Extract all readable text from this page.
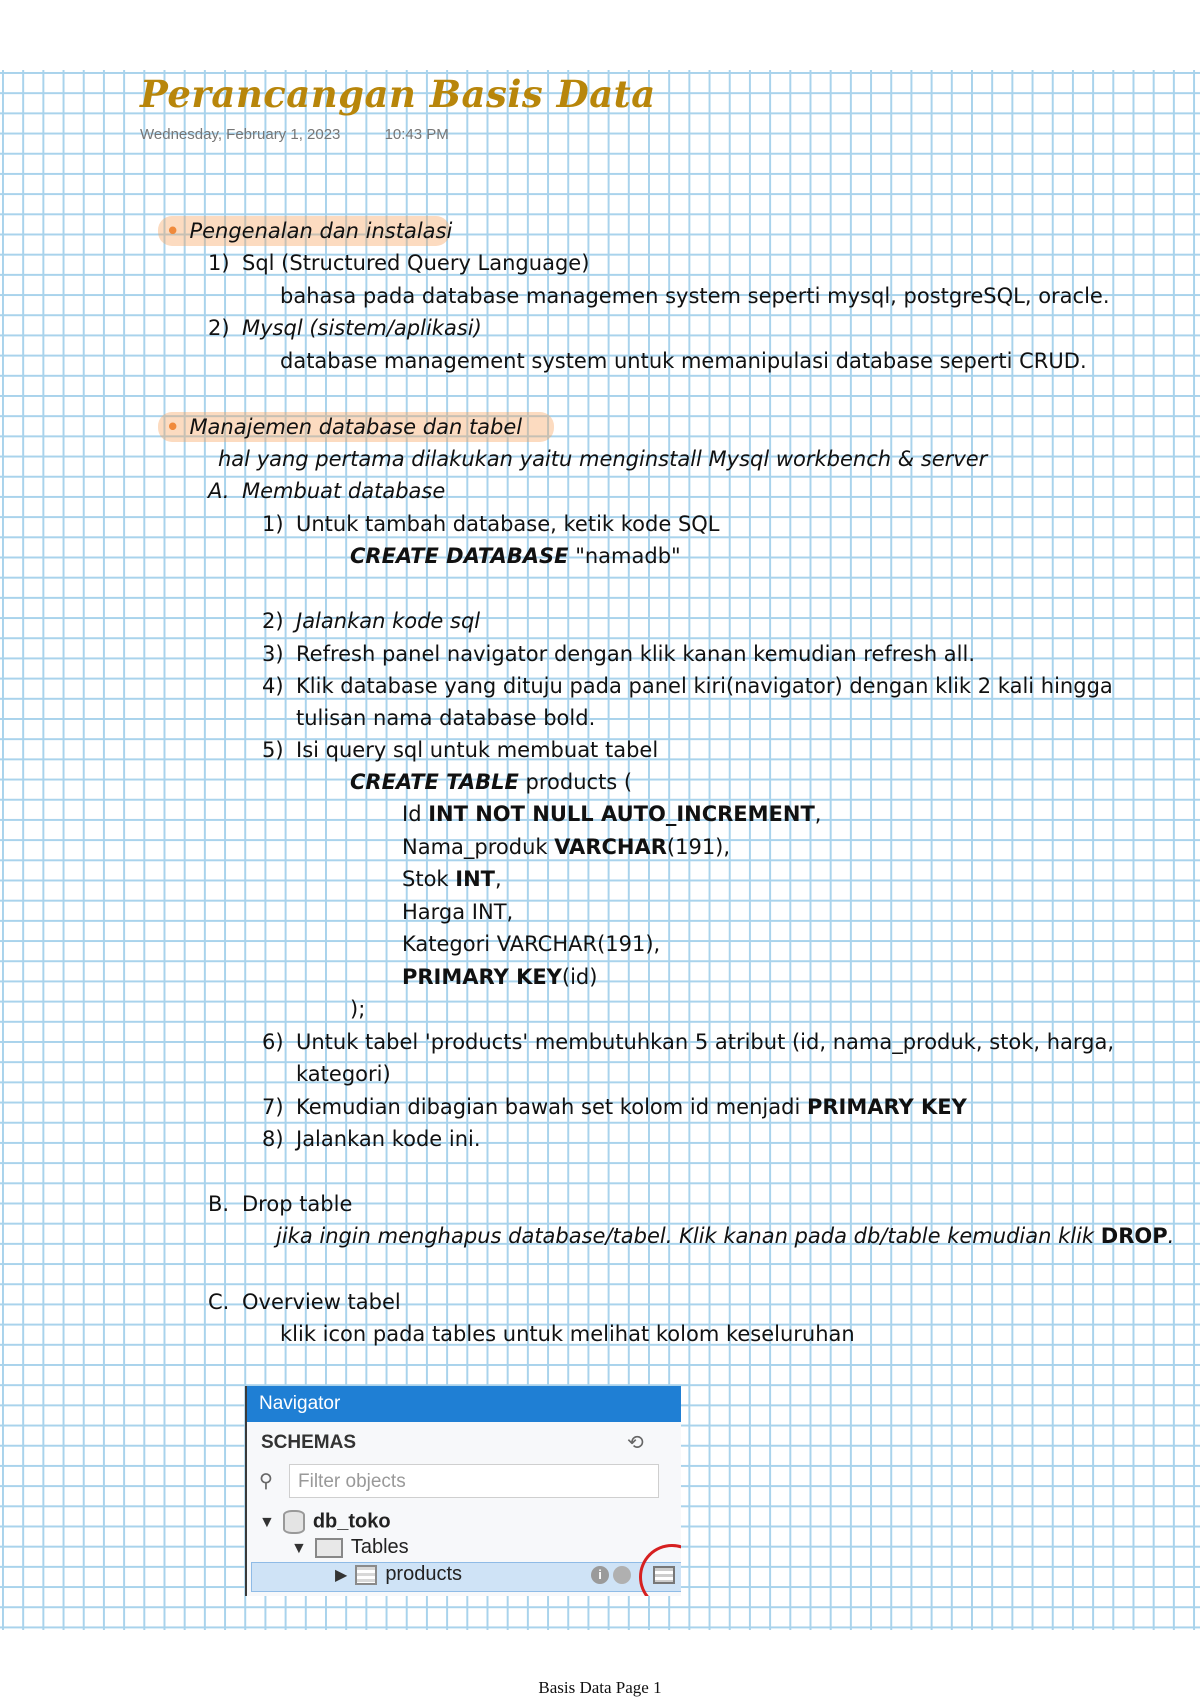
Perancangan Basis Data
Wednesday, February 1, 2023	10:43 PM
• Pengenalan dan instalasi
1) Sql (Structured Query Language)
bahasa pada database managemen system seperti mysql, postgreSQL, oracle.
2) Mysql (sistem/aplikasi)
database management system untuk memanipulasi database seperti CRUD.
• Manajemen database dan tabel
hal yang pertama dilakukan yaitu menginstall Mysql workbench & server
A. Membuat database
1) Untuk tambah database, ketik kode SQL
CREATE DATABASE "namadb"
2) Jalankan kode sql
3) Refresh panel navigator dengan klik kanan kemudian refresh all.
4) Klik database yang dituju pada panel kiri(navigator) dengan klik 2 kali hingga
tulisan nama database bold.
5) Isi query sql untuk membuat tabel
CREATE TABLE products (
Id INT NOT NULL AUTO_INCREMENT,
Nama_produk VARCHAR(191),
Stok INT,
Harga INT,
Kategori VARCHAR(191),
PRIMARY KEY(id)
);
6) Untuk tabel 'products' membutuhkan 5 atribut (id, nama_produk, stok, harga,
kategori)
7) Kemudian dibagian bawah set kolom id menjadi PRIMARY KEY
8) Jalankan kode ini.
B. Drop table
jika ingin menghapus database/tabel. Klik kanan pada db/table kemudian klik DROP.
C. Overview tabel
klik icon pada tables untuk melihat kolom keseluruhan
Navigator
SCHEMAS	⟲
⚲	Filter objects
▼ db_toko
▼ Tables
▶ products	i
Basis Data Page 1
